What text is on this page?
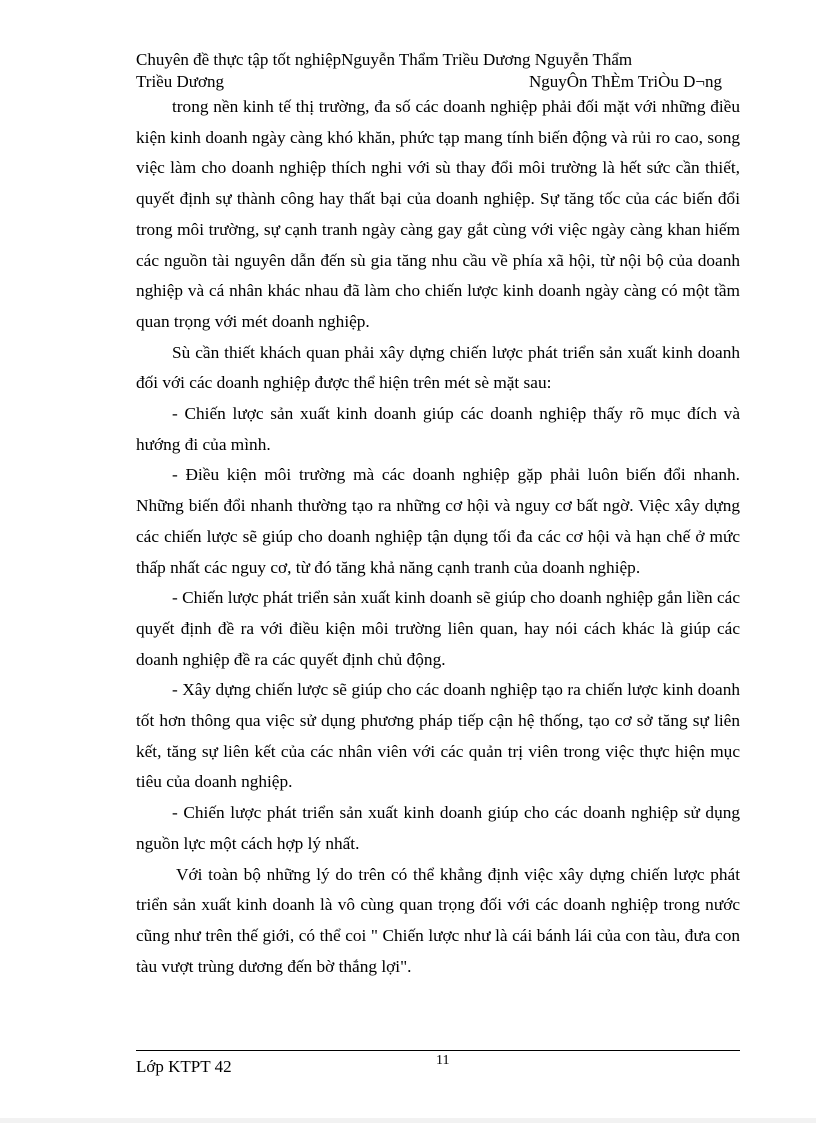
Chuyên đề thực tập tốt nghiệpNguyễn Thẩm Triều Dương Nguyễn Thẩm
Triều Dương	NguyÔn ThÈm TriÒu D¬ng

trong nền kinh tế thị trường, đa số các doanh nghiệp phải đối mặt với những điều kiện kinh doanh ngày càng khó khăn, phức tạp mang tính biến động và rủi ro cao, song việc làm cho doanh nghiệp thích nghi với sù thay đổi môi trường là hết sức cần thiết, quyết định sự thành công hay thất bại của doanh nghiệp. Sự tăng tốc của các biến đổi trong môi trường, sự cạnh tranh ngày càng gay gắt cùng với việc ngày càng khan hiếm các nguồn tài nguyên dẫn đến sù gia tăng nhu cầu về phía xã hội, từ nội bộ của doanh nghiệp và cá nhân khác nhau đã làm cho chiến lược kinh doanh ngày càng có một tầm quan trọng với mét doanh nghiệp.

Sù cần thiết khách quan phải xây dựng chiến lược phát triển sản xuất kinh doanh đối với các doanh nghiệp được thể hiện trên mét sè mặt sau:

- Chiến lược sản xuất kinh doanh giúp các doanh nghiệp thấy rõ mục đích và hướng đi của mình.

- Điều kiện môi trường mà các doanh nghiệp gặp phải luôn biến đổi nhanh. Những biến đổi nhanh thường tạo ra những cơ hội và nguy cơ bất ngờ. Việc xây dựng các chiến lược sẽ giúp cho doanh nghiệp tận dụng tối đa các cơ hội và hạn chế ở mức thấp nhất các nguy cơ, từ đó tăng khả năng cạnh tranh của doanh nghiệp.

- Chiến lược phát triển sản xuất kinh doanh sẽ giúp cho doanh nghiệp gắn liền các quyết định đề ra với điều kiện môi trường liên quan, hay nói cách khác là giúp các doanh nghiệp đề ra các quyết định chủ động.

- Xây dựng chiến lược sẽ giúp cho các doanh nghiệp tạo ra chiến lược kinh doanh tốt hơn thông qua việc sử dụng phương pháp tiếp cận hệ thống, tạo cơ sở tăng sự liên kết, tăng sự liên kết của các nhân viên với các quản trị viên trong việc thực hiện mục tiêu của doanh nghiệp.

- Chiến lược phát triển sản xuất kinh doanh giúp cho các doanh nghiệp sử dụng nguồn lực một cách hợp lý nhất.

Với toàn bộ những lý do trên có thể khẳng định việc xây dựng chiến lược phát triển sản xuất kinh doanh là vô cùng quan trọng đối với các doanh nghiệp trong nước cũng như trên thế giới, có thể coi " Chiến lược như là cái bánh lái của con tàu, đưa con tàu vượt trùng dương đến bờ thắng lợi".

11
Lớp KTPT 42
